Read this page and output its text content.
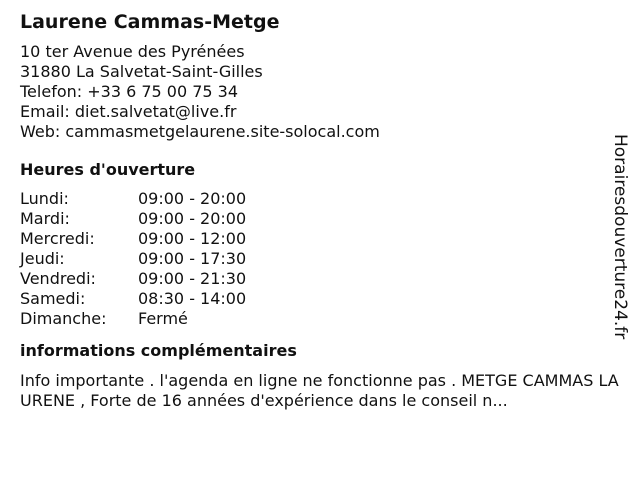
Laurene Cammas-Metge
10 ter Avenue des Pyrénées
31880 La Salvetat-Saint-Gilles
Telefon: +33 6 75 00 75 34
Email: diet.salvetat@live.fr
Web: cammasmetgelaurene.site-solocal.com
Heures d'ouverture
Lundi:	09:00 - 20:00
Mardi:	09:00 - 20:00
Mercredi:	09:00 - 12:00
Jeudi:	09:00 - 17:30
Vendredi:	09:00 - 21:30
Samedi:	08:30 - 14:00
Dimanche:	Fermé
informations complémentaires
Info importante . l'agenda en ligne ne fonctionne pas . METGE CAMMAS LAURENE , Forte de 16 années d'expérience dans le conseil n...
Horairesdouverture24.fr
